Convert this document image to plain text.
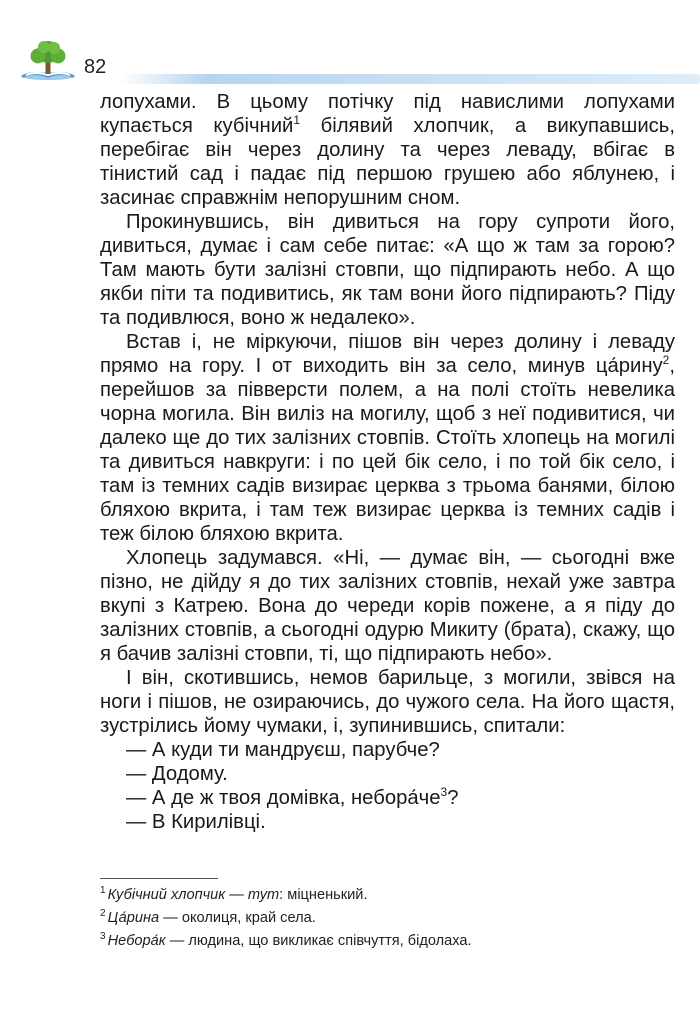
82

лопухами. В цьому потічку під навислими лопухами купається кубічний$^1$ білявий хлопчик, а викупавшись, перебігає він через долину та через леваду, вбігає в тінистий сад і падає під першою грушею або яблунею, і засинає справжнім непорушним сном.

Прокинувшись, він дивиться на гору супроти його, дивиться, думає і сам себе питає: «А що ж там за горою? Там мають бути залізні стовпи, що підпирають небо. А що якби піти та подивитись, як там вони його підпирають? Піду та подивлюся, воно ж недалеко».

Встав і, не міркуючи, пішов він через долину і леваду прямо на гору. І от виходить він за село, минув ца́рину$^2$, перейшов за півверсти полем, а на полі стоїть невелика чорна могила. Він виліз на могилу, щоб з неї подивитися, чи далеко ще до тих залізних стовпів. Стоїть хлопець на могилі та дивиться навкруги: і по цей бік село, і по той бік село, і там із темних садів визирає церква з трьома банями, білою бляхою вкрита, і там теж визирає церква із темних садів і теж білою бляхою вкрита.

Хлопець задумався. «Ні, — думає він, — сьогодні вже пізно, не дійду я до тих залізних стовпів, нехай уже завтра вкупі з Катрею. Вона до череди корів пожене, а я піду до залізних стовпів, а сьогодні одурю Микиту (брата), скажу, що я бачив залізні стовпи, ті, що підпирають небо».

І він, скотившись, немов барильце, з могили, звівся на ноги і пішов, не озираючись, до чужого села. На його щастя, зустрілись йому чумаки, і, зупинившись, спитали:

— А куди ти мандруєш, парубче?

— Додому.

— А де ж твоя домівка, $небора́че^3$?

— В Кирилівці.

$^1$ Кубічний хлопчик — тут: міцненький.

$^2$ Ца́рина — околиця, край села.

$^3$ Небора́к — людина, що викликає співчуття, бідолаха.
